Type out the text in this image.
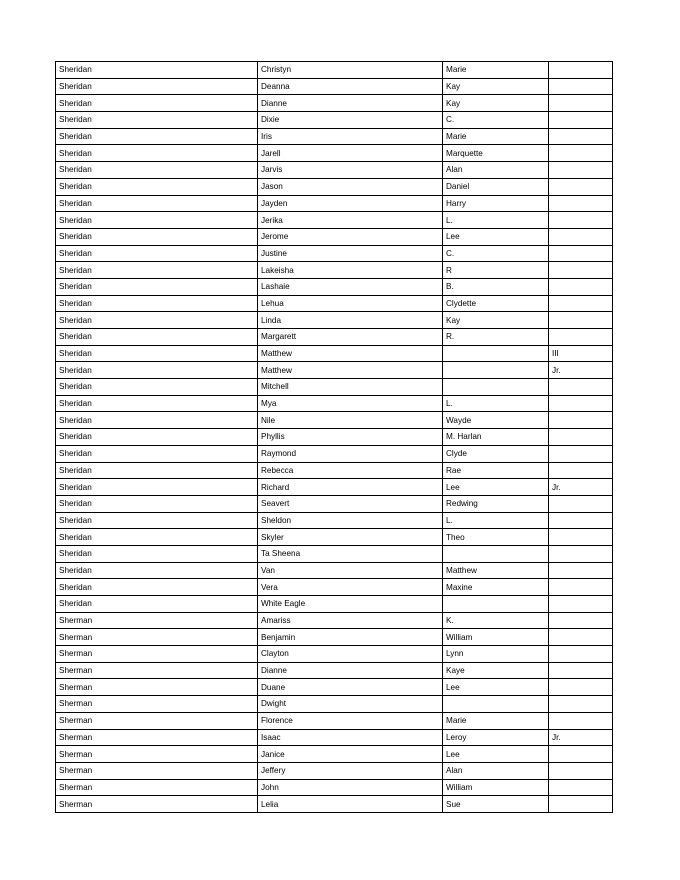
Sheridan	Christyn	Marie	
Sheridan	Deanna	Kay	
Sheridan	Dianne	Kay	
Sheridan	Dixie	C.	
Sheridan	Iris	Marie	
Sheridan	Jarell	Marquette	
Sheridan	Jarvis	Alan	
Sheridan	Jason	Daniel	
Sheridan	Jayden	Harry	
Sheridan	Jerika	L.	
Sheridan	Jerome	Lee	
Sheridan	Justine	C.	
Sheridan	Lakeisha	R	
Sheridan	Lashaie	B.	
Sheridan	Lehua	Clydette	
Sheridan	Linda	Kay	
Sheridan	Margarett	R.	
Sheridan	Matthew		III
Sheridan	Matthew		Jr.
Sheridan	Mitchell		
Sheridan	Mya	L.	
Sheridan	Nile	Wayde	
Sheridan	Phyllis	M. Harlan	
Sheridan	Raymond	Clyde	
Sheridan	Rebecca	Rae	
Sheridan	Richard	Lee	Jr.
Sheridan	Seavert	Redwing	
Sheridan	Sheldon	L.	
Sheridan	Skyler	Theo	
Sheridan	Ta Sheena		
Sheridan	Van	Matthew	
Sheridan	Vera	Maxine	
Sheridan	White Eagle		
Sherman	Amariss	K.	
Sherman	Benjamin	William	
Sherman	Clayton	Lynn	
Sherman	Dianne	Kaye	
Sherman	Duane	Lee	
Sherman	Dwight		
Sherman	Florence	Marie	
Sherman	Isaac	Leroy	Jr.
Sherman	Janice	Lee	
Sherman	Jeffery	Alan	
Sherman	John	William	
Sherman	Lelia	Sue	
